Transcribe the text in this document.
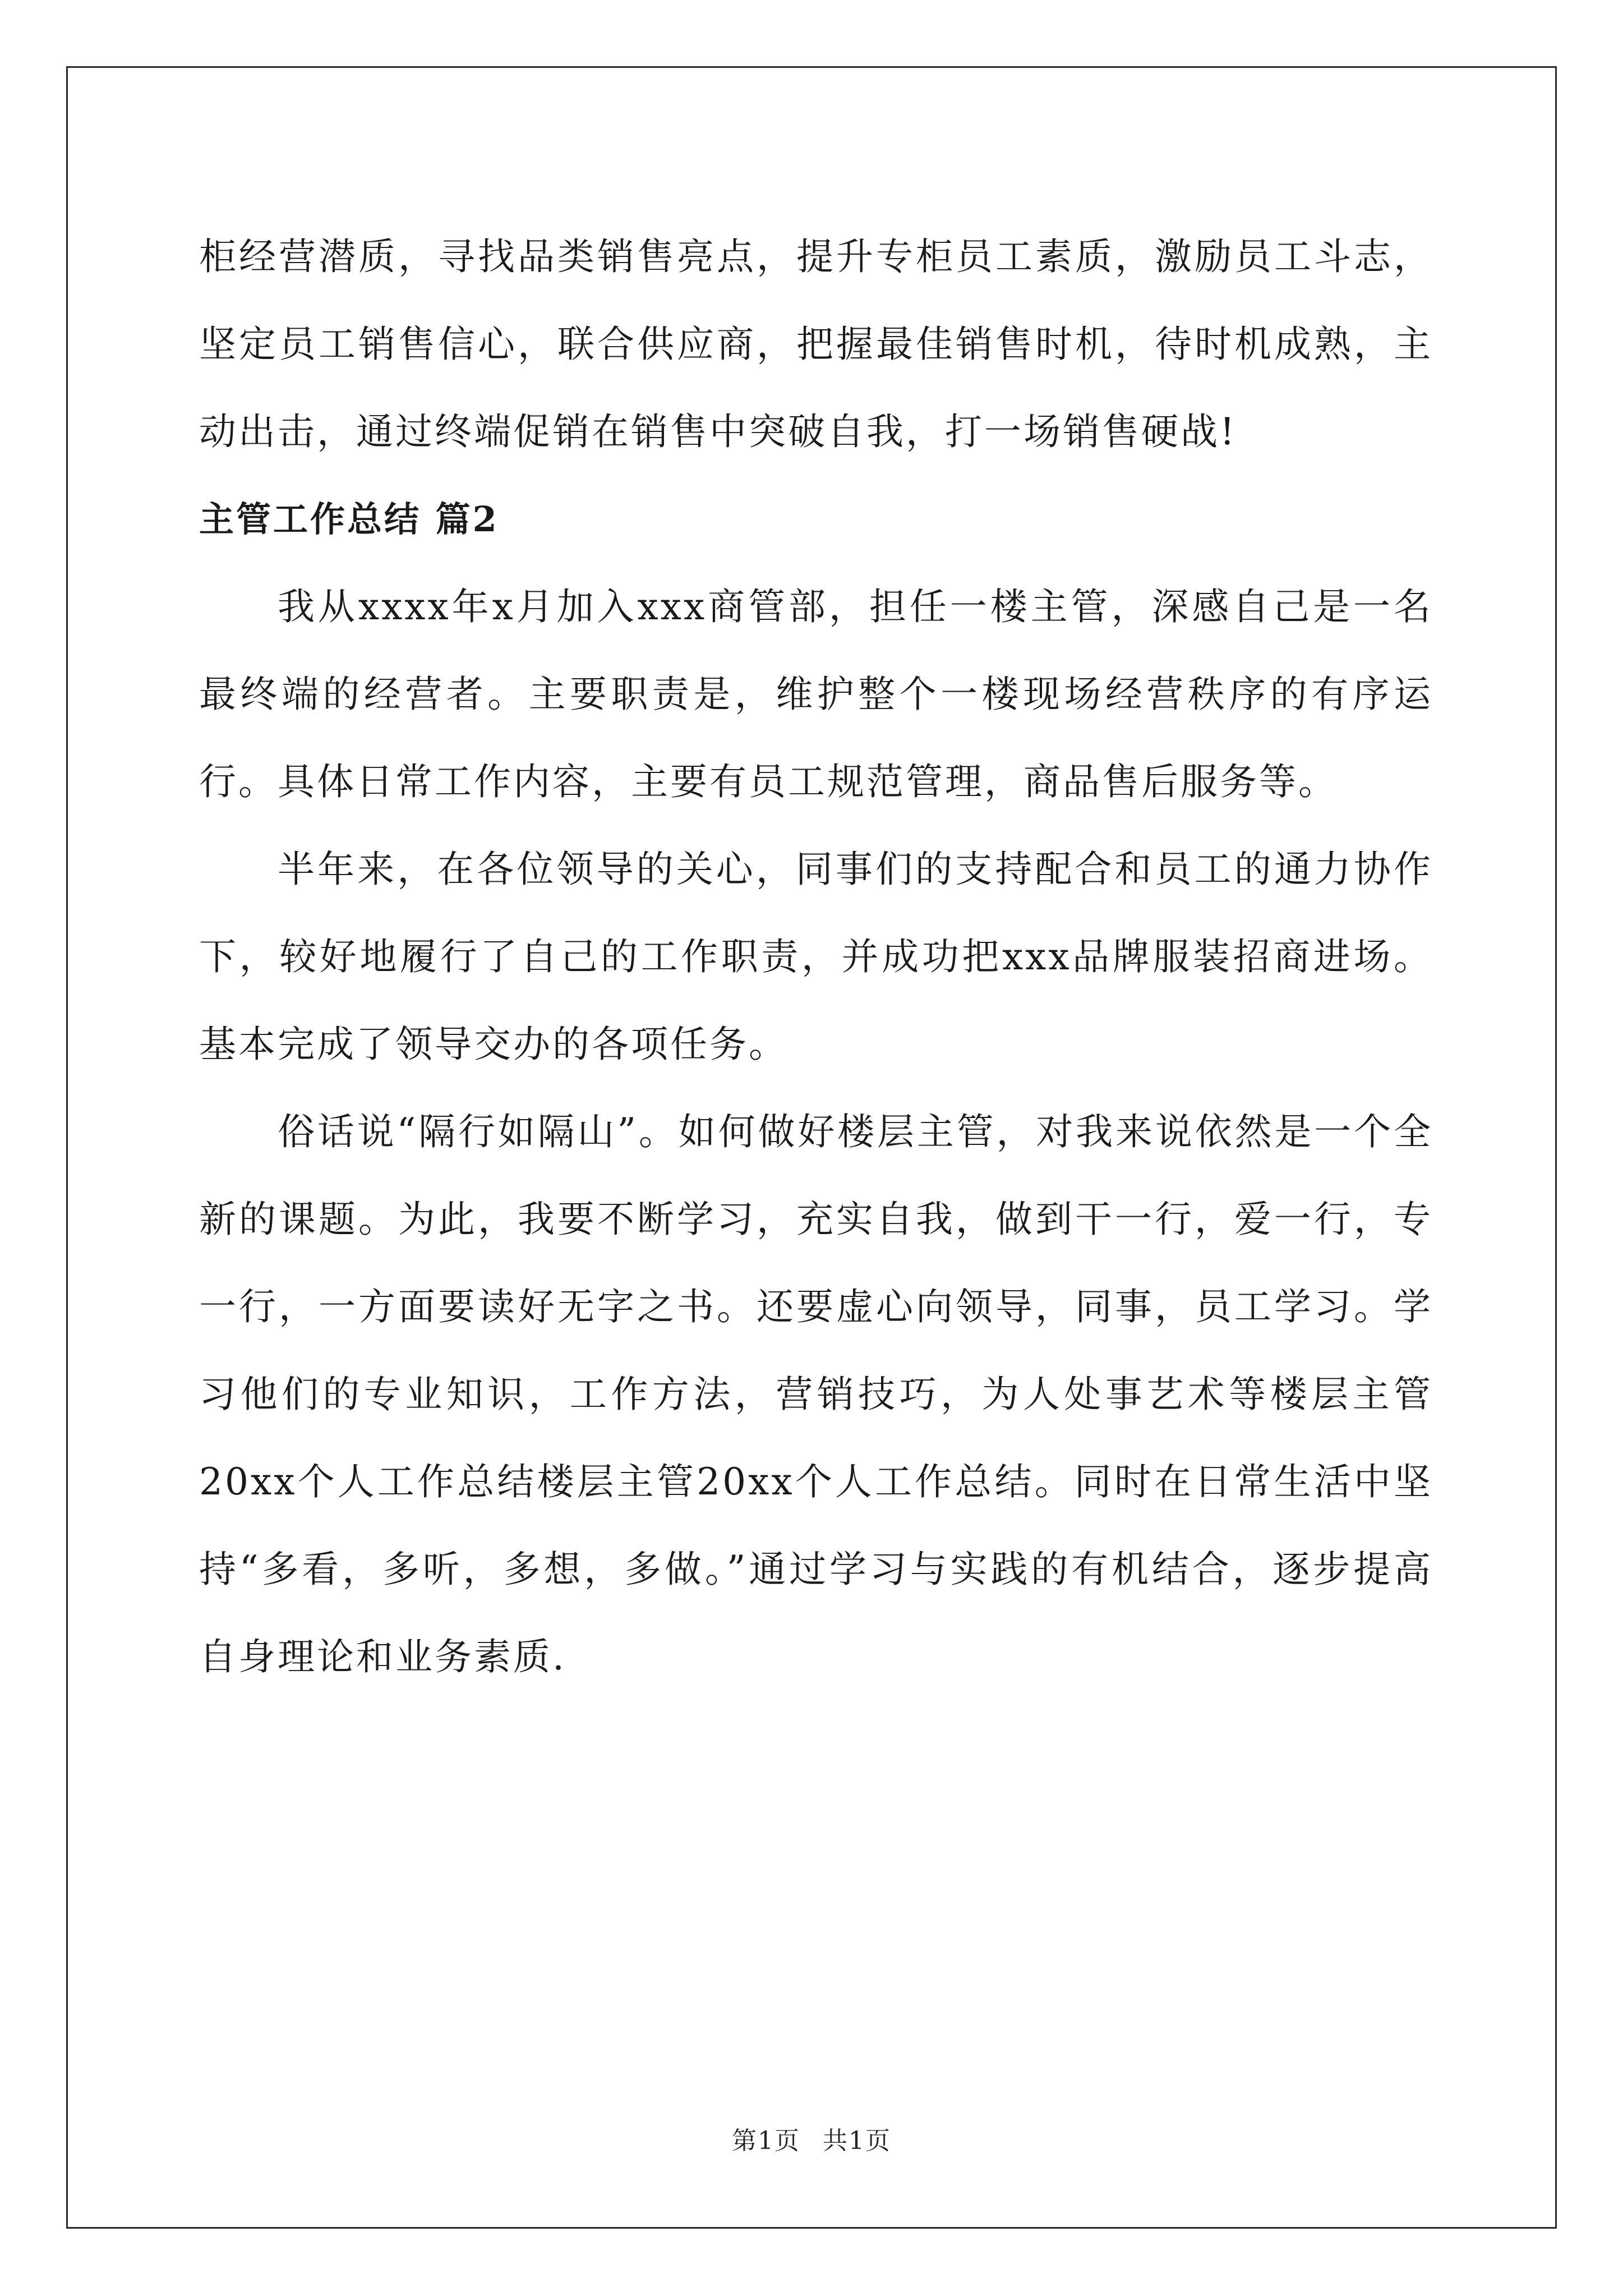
柜经营潜质，寻找品类销售亮点，提升专柜员工素质，激励员工斗志，坚定员工销售信心，联合供应商，把握最佳销售时机，待时机成熟，主动出击，通过终端促销在销售中突破自我，打一场销售硬战!

主管工作总结 篇2

我从xxxx年x月加入xxx商管部，担任一楼主管，深感自己是一名最终端的经营者。主要职责是，维护整个一楼现场经营秩序的有序运行。具体日常工作内容，主要有员工规范管理，商品售后服务等。

半年来，在各位领导的关心，同事们的支持配合和员工的通力协作下，较好地履行了自己的工作职责，并成功把xxx品牌服装招商进场。基本完成了领导交办的各项任务。

俗话说“隔行如隔山”。如何做好楼层主管，对我来说依然是一个全新的课题。为此，我要不断学习，充实自我，做到干一行，爱一行，专一行，一方面要读好无字之书。还要虚心向领导，同事，员工学习。学习他们的专业知识，工作方法，营销技巧，为人处事艺术等楼层主管20xx个人工作总结楼层主管20xx个人工作总结。同时在日常生活中坚持“多看，多听，多想，多做。”通过学习与实践的有机结合，逐步提高自身理论和业务素质.

第1页 共1页
